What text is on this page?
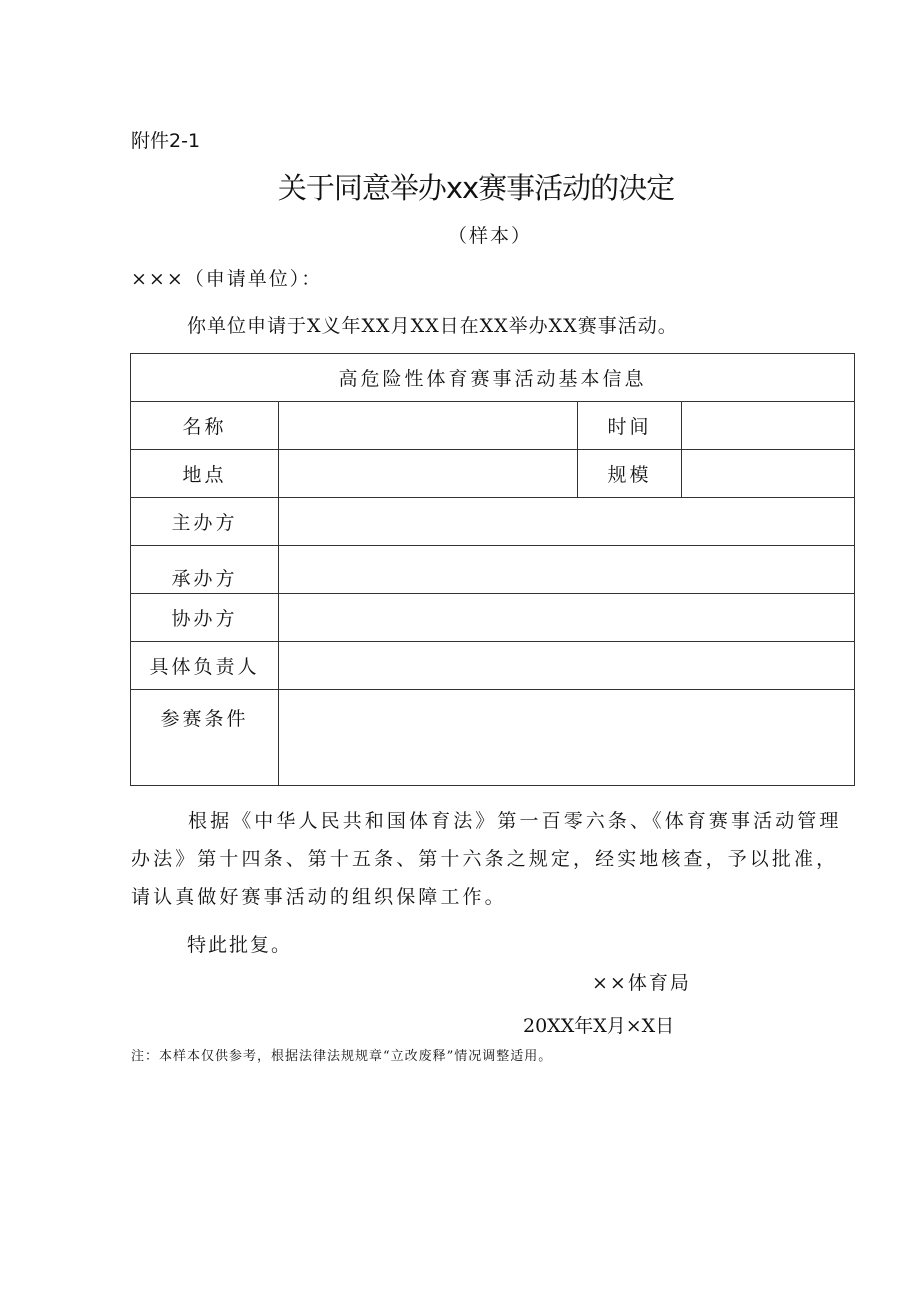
附件2-1
关于同意举办xx赛事活动的决定
（样本）
×××（申请单位）：
你单位申请于X义年XX月XX日在XX举办XX赛事活动。
高危险性体育赛事活动基本信息			
名称		时间	
地点		规模	
主办方			
承办方			
协办方			
具体负责人			
参赛条件			
根据《中华人民共和国体育法》第一百零六条、《体育赛事活动管理办法》第十四条、第十五条、第十六条之规定，经实地核查，予以批准，请认真做好赛事活动的组织保障工作。
特此批复。
××体育局
20XX年X月×X日
注：本样本仅供参考，根据法律法规规章“立改废释”情况调整适用。
